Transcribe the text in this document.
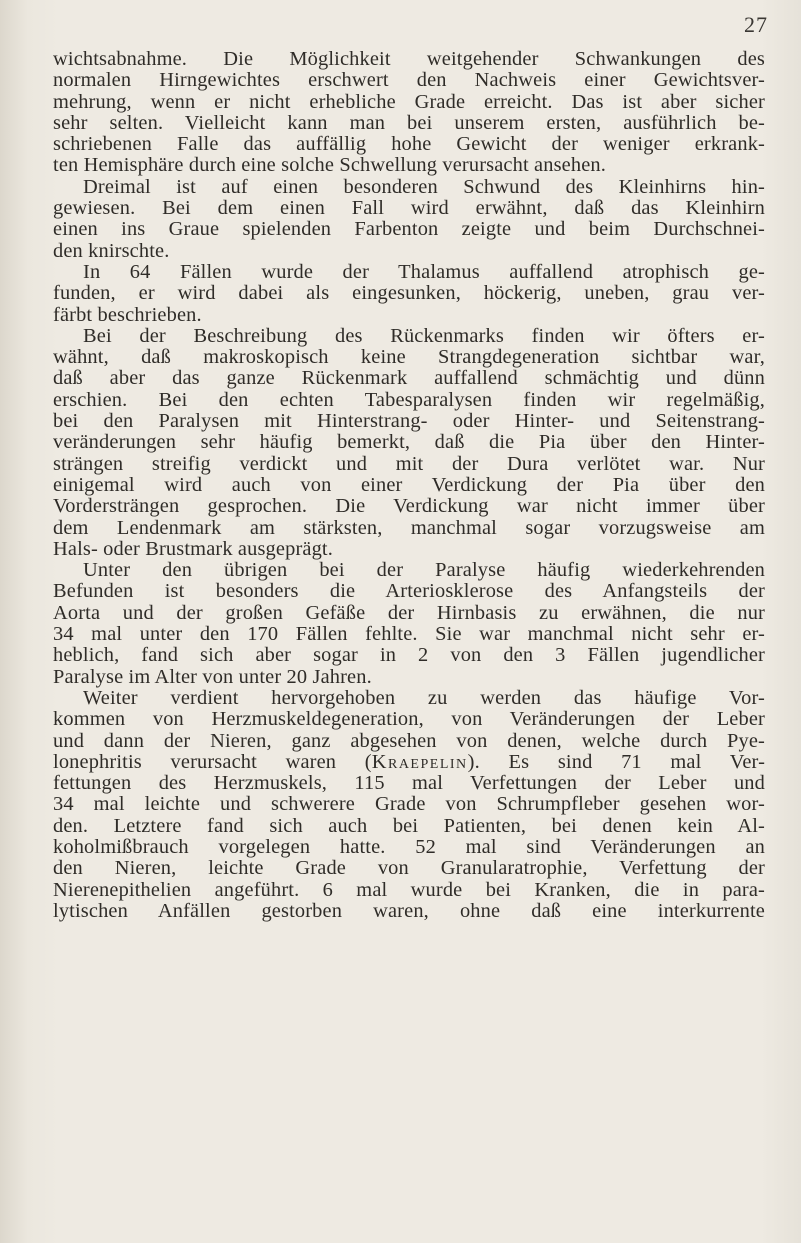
27
wichtsabnahme. Die Möglichkeit weitgehender Schwankungen des
normalen Hirngewichtes erschwert den Nachweis einer Gewichtsver-
mehrung, wenn er nicht erhebliche Grade erreicht. Das ist aber sicher
sehr selten. Vielleicht kann man bei unserem ersten, ausführlich be-
schriebenen Falle das auffällig hohe Gewicht der weniger erkrank-
ten Hemisphäre durch eine solche Schwellung verursacht ansehen.
Dreimal ist auf einen besonderen Schwund des Kleinhirns hin-
gewiesen. Bei dem einen Fall wird erwähnt, daß das Kleinhirn
einen ins Graue spielenden Farbenton zeigte und beim Durchschnei-
den knirschte.
In 64 Fällen wurde der Thalamus auffallend atrophisch ge-
funden, er wird dabei als eingesunken, höckerig, uneben, grau ver-
färbt beschrieben.
Bei der Beschreibung des Rückenmarks finden wir öfters er-
wähnt, daß makroskopisch keine Strangdegeneration sichtbar war,
daß aber das ganze Rückenmark auffallend schmächtig und dünn
erschien. Bei den echten Tabesparalysen finden wir regelmäßig,
bei den Paralysen mit Hinterstrang- oder Hinter- und Seitenstrang-
veränderungen sehr häufig bemerkt, daß die Pia über den Hinter-
strängen streifig verdickt und mit der Dura verlötet war. Nur
einigemal wird auch von einer Verdickung der Pia über den
Vordersträngen gesprochen. Die Verdickung war nicht immer über
dem Lendenmark am stärksten, manchmal sogar vorzugsweise am
Hals- oder Brustmark ausgeprägt.
Unter den übrigen bei der Paralyse häufig wiederkehrenden
Befunden ist besonders die Arteriosklerose des Anfangsteils der
Aorta und der großen Gefäße der Hirnbasis zu erwähnen, die nur
34 mal unter den 170 Fällen fehlte. Sie war manchmal nicht sehr er-
heblich, fand sich aber sogar in 2 von den 3 Fällen jugendlicher
Paralyse im Alter von unter 20 Jahren.
Weiter verdient hervorgehoben zu werden das häufige Vor-
kommen von Herzmuskeldegeneration, von Veränderungen der Leber
und dann der Nieren, ganz abgesehen von denen, welche durch Pye-
lonephritis verursacht waren (Kraepelin). Es sind 71 mal Ver-
fettungen des Herzmuskels, 115 mal Verfettungen der Leber und
34 mal leichte und schwerere Grade von Schrumpfleber gesehen wor-
den. Letztere fand sich auch bei Patienten, bei denen kein Al-
koholmißbrauch vorgelegen hatte. 52 mal sind Veränderungen an
den Nieren, leichte Grade von Granularatrophie, Verfettung der
Nierenepithelien angeführt. 6 mal wurde bei Kranken, die in para-
lytischen Anfällen gestorben waren, ohne daß eine interkurrente
